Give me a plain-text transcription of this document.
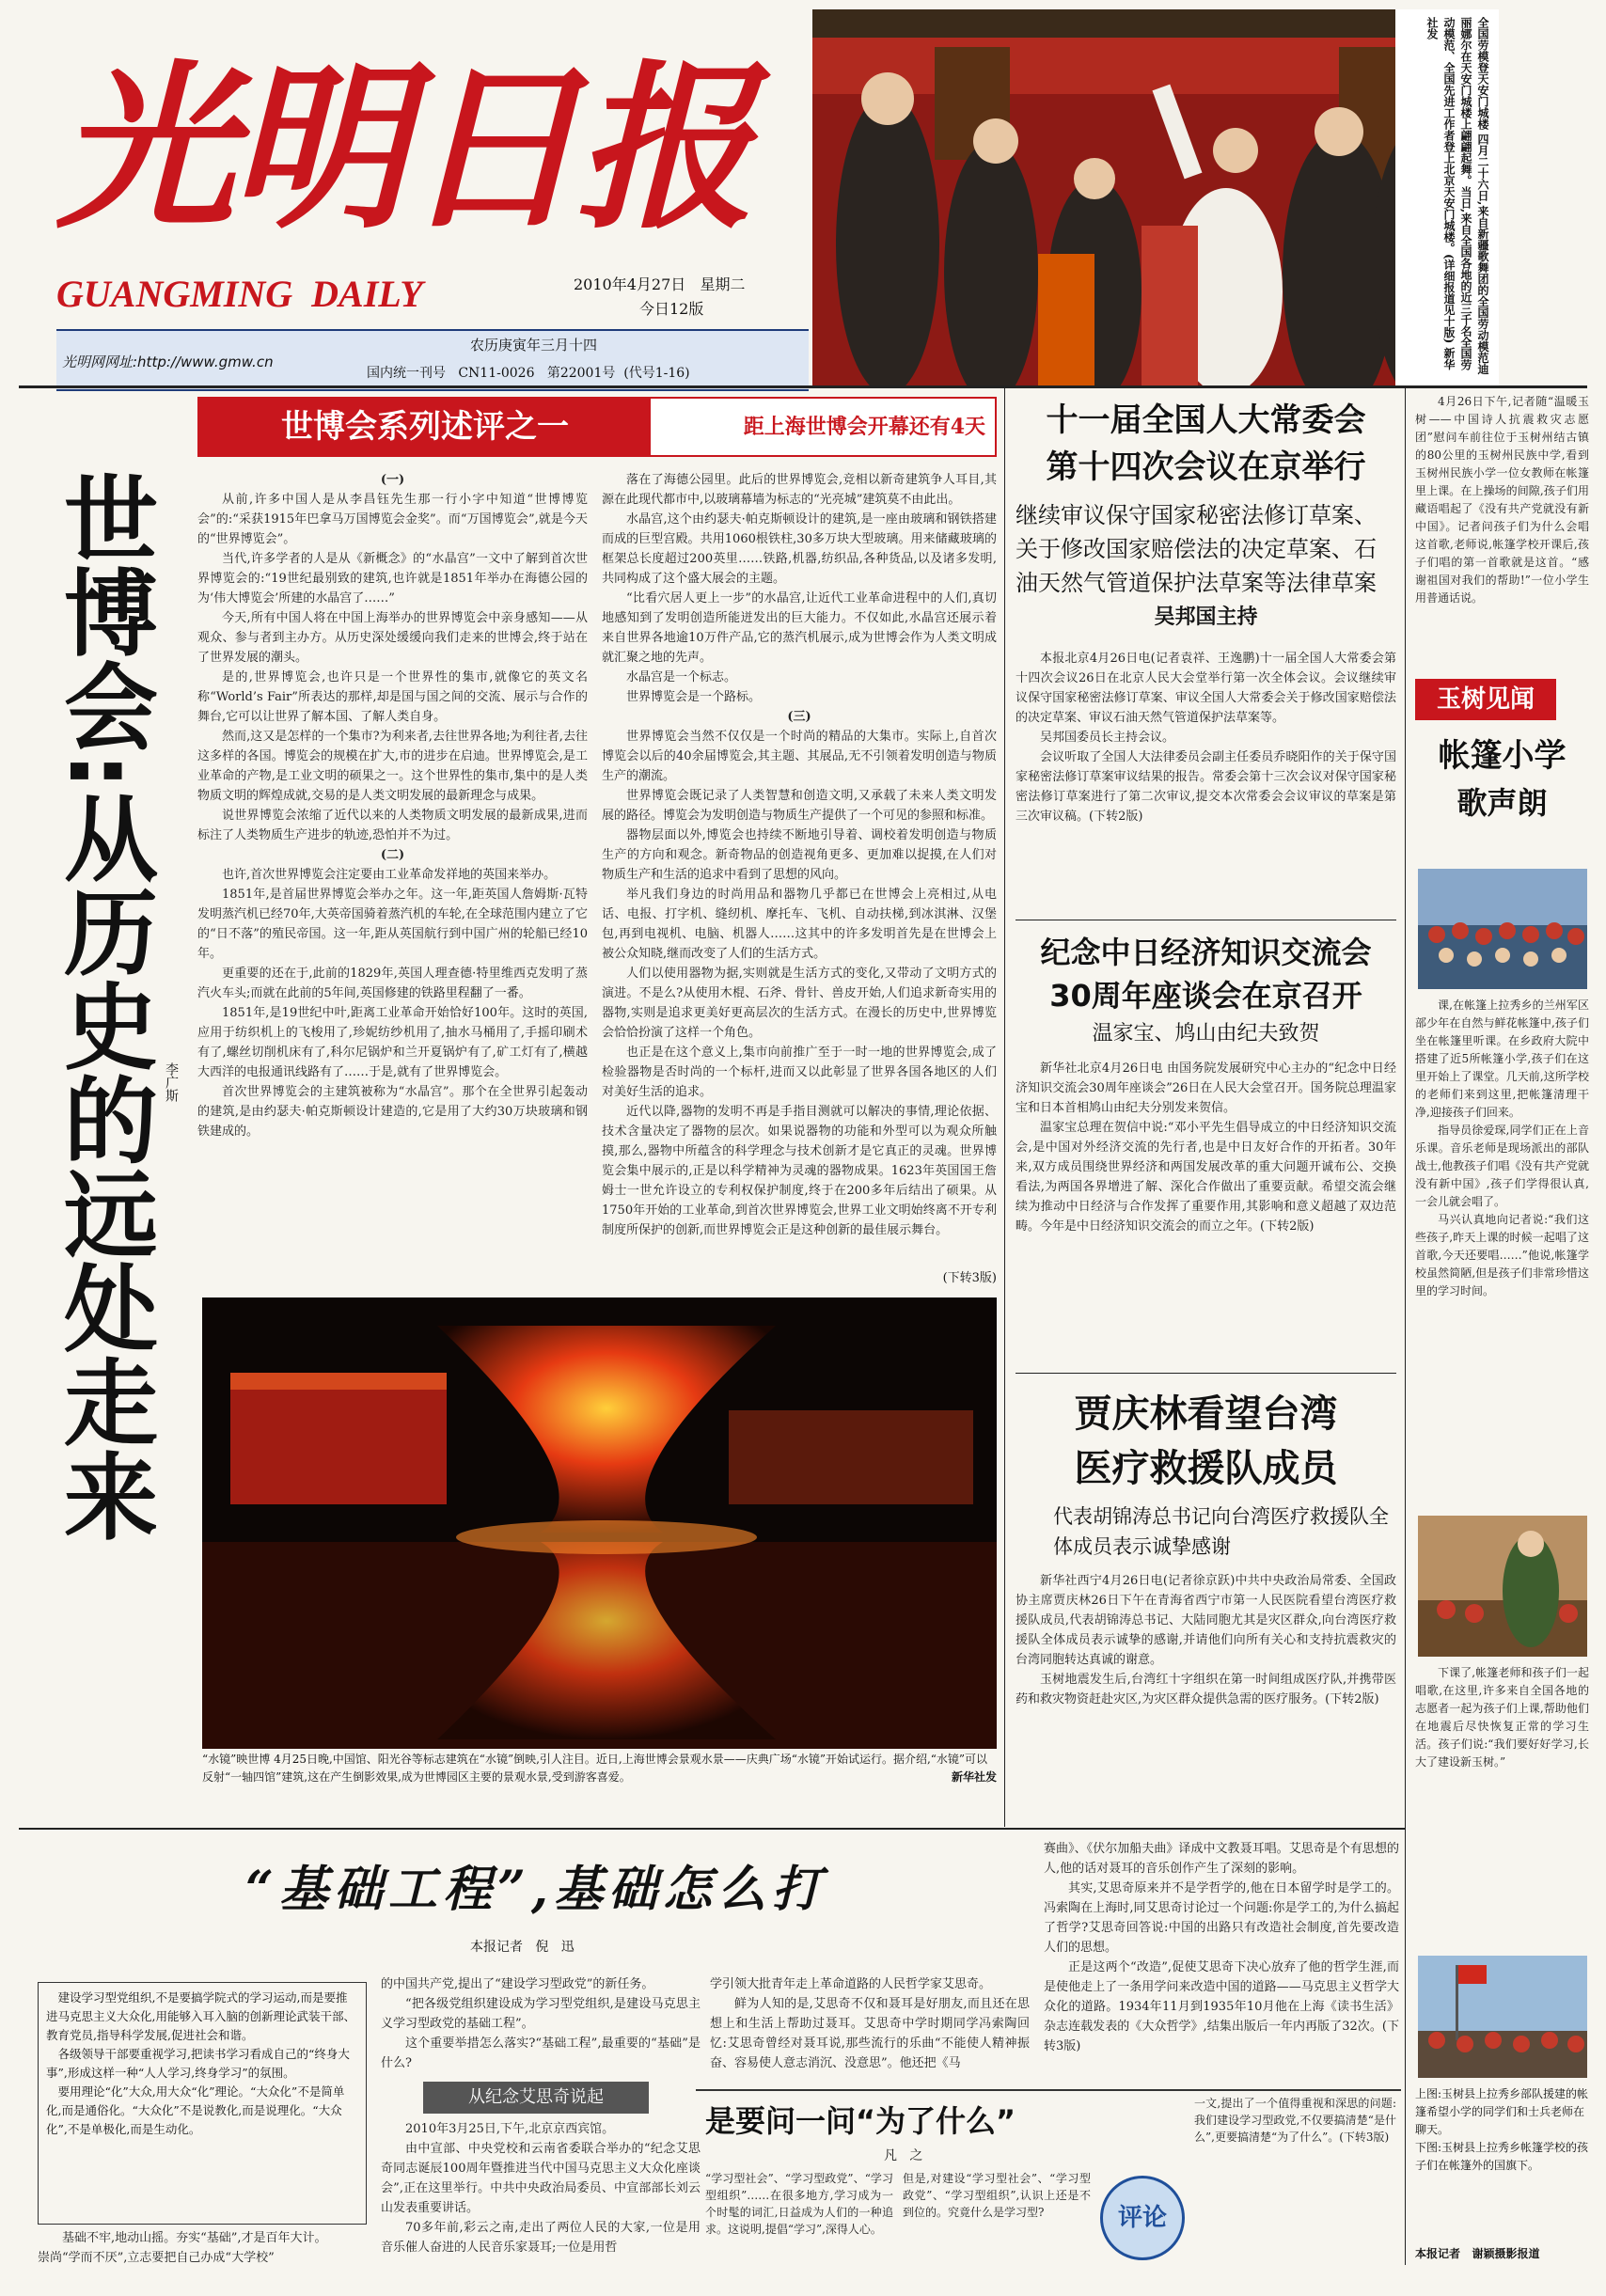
光明日报
GUANGMING  DAILY	2010年4月27日   星期二
今日12版
光明网网址:http://www.gmw.cn
农历庚寅年三月十四
国内统一刊号   CN11-0026   第22001号  (代号1-16)	全国劳模登天安门城楼 四月二十六日,来自新疆歌舞团的全国劳动模范迪丽娜尔在天安门城楼上翩翩起舞。当日,来自全国各地的近三千名全国劳动模范、全国先进工作者登上北京天安门城楼。(详细报道见十版) 新华社发
世博会系列述评之一	距上海世博会开幕还有4天
世博会:从历史的远处走来 李广斯
(一)

从前,许多中国人是从李昌钰先生那一行小字中知道“世博博览会”的:“采获1915年巴拿马万国博览会金奖”。而“万国博览会”,就是今天的“世界博览会”。

当代,许多学者的人是从《新概念》的“水晶宫”一文中了解到首次世界博览会的:“19世纪最别致的建筑,也许就是1851年举办在海德公园的为‘伟大博览会’所建的水晶宫了……”

今天,所有中国人将在中国上海举办的世界博览会中亲身感知——从观众、参与者到主办方。从历史深处缓缓向我们走来的世博会,终于站在了世界发展的潮头。

是的,世界博览会,也许只是一个世界性的集市,就像它的英文名称“World’s Fair”所表达的那样,却是国与国之间的交流、展示与合作的舞台,它可以让世界了解本国、了解人类自身。

然而,这又是怎样的一个集市?为利来者,去往世界各地;为利往者,去往这多样的各国。博览会的规模在扩大,市的进步在启迪。世界博览会,是工业革命的产物,是工业文明的硕果之一。这个世界性的集市,集中的是人类物质文明的辉煌成就,交易的是人类文明发展的最新理念与成果。

说世界博览会浓缩了近代以来的人类物质文明发展的最新成果,进而标注了人类物质生产进步的轨迹,恐怕并不为过。

(二)

也许,首次世界博览会注定要由工业革命发祥地的英国来举办。

1851年,是首届世界博览会举办之年。这一年,距英国人詹姆斯·瓦特发明蒸汽机已经70年,大英帝国骑着蒸汽机的车轮,在全球范围内建立了它的“日不落”的殖民帝国。这一年,距从英国航行到中国广州的轮船已经10年。

更重要的还在于,此前的1829年,英国人理查德·特里维西克发明了蒸汽火车头;而就在此前的5年间,英国修建的铁路里程翻了一番。

1851年,是19世纪中叶,距离工业革命开始恰好100年。这时的英国,应用于纺织机上的飞梭用了,珍妮纺纱机用了,抽水马桶用了,手摇印刷术有了,螺丝切削机床有了,科尔尼锅炉和兰开夏锅炉有了,矿工灯有了,横越大西洋的电报通讯线路有了……于是,就有了世界博览会。

首次世界博览会的主建筑被称为“水晶宫”。那个在全世界引起轰动的建筑,是由约瑟夫·帕克斯顿设计建造的,它是用了大约30万块玻璃和钢铁建成的。

落在了海德公园里。此后的世界博览会,竞相以新奇建筑争人耳目,其源在此现代都市中,以玻璃幕墙为标志的“光亮城”建筑莫不由此出。

水晶宫,这个由约瑟夫·帕克斯顿设计的建筑,是一座由玻璃和钢铁搭建而成的巨型宫殿。共用1060根铁柱,30多万块大型玻璃。用来储藏玻璃的框架总长度超过200英里……铁路,机器,纺织品,各种货品,以及诸多发明,共同构成了这个盛大展会的主题。

“比看穴居人更上一步”的水晶宫,让近代工业革命进程中的人们,真切地感知到了发明创造所能迸发出的巨大能力。不仅如此,水晶宫还展示着来自世界各地逾10万件产品,它的蒸汽机展示,成为世博会作为人类文明成就汇聚之地的先声。

水晶宫是一个标志。

世界博览会是一个路标。

(三)

世界博览会当然不仅仅是一个时尚的精品的大集市。实际上,自首次博览会以后的40余届博览会,其主题、其展品,无不引领着发明创造与物质生产的潮流。

世界博览会既记录了人类智慧和创造文明,又承载了未来人类文明发展的路径。博览会为发明创造与物质生产提供了一个可见的参照和标准。

器物层面以外,博览会也持续不断地引导着、调校着发明创造与物质生产的方向和观念。新奇物品的创造视角更多、更加难以捉摸,在人们对物质生产和生活的追求中看到了思想的风向。

举凡我们身边的时尚用品和器物几乎都已在世博会上亮相过,从电话、电报、打字机、缝纫机、摩托车、飞机、自动扶梯,到冰淇淋、汉堡包,再到电视机、电脑、机器人……这其中的许多发明首先是在世博会上被公众知晓,继而改变了人们的生活方式。

人们以使用器物为据,实则就是生活方式的变化,又带动了文明方式的演进。不是么?从使用木棍、石斧、骨针、兽皮开始,人们追求新奇实用的器物,实则是追求更美好更高层次的生活方式。在漫长的历史中,世界博览会恰恰扮演了这样一个角色。

也正是在这个意义上,集市向前推广至于一时一地的世界博览会,成了检验器物是否时尚的一个标杆,进而又以此彰显了世界各国各地区的人们对美好生活的追求。

近代以降,器物的发明不再是手指目测就可以解决的事情,理论依据、技术含量决定了器物的层次。如果说器物的功能和外型可以为观众所触摸,那么,器物中所蕴含的科学理念与技术创新才是它真正的灵魂。世界博览会集中展示的,正是以科学精神为灵魂的器物成果。1623年英国国王詹姆士一世允许设立的专利权保护制度,终于在200多年后结出了硕果。从1750年开始的工业革命,到首次世界博览会,世界工业文明始终离不开专利制度所保护的创新,而世界博览会正是这种创新的最佳展示舞台。

(下转3版)
“水镜”映世博 4月25日晚,中国馆、阳光谷等标志建筑在“水镜”倒映,引人注目。近日,上海世博会景观水景——庆典广场“水镜”开始试运行。据介绍,“水镜”可以反射“一轴四馆”建筑,这在产生倒影效果,成为世博园区主要的景观水景,受到游客喜爱。	新华社发
十一届全国人大常委会
第十四次会议在京举行
继续审议保守国家秘密法修订草案、关于修改国家赔偿法的决定草案、石油天然气管道保护法草案等法律草案
吴邦国主持

本报北京4月26日电(记者袁祥、王逸鹏)十一届全国人大常委会第十四次会议26日在北京人民大会堂举行第一次全体会议。会议继续审议保守国家秘密法修订草案、审议全国人大常委会关于修改国家赔偿法的决定草案、审议石油天然气管道保护法草案等。

吴邦国委员长主持会议。

会议听取了全国人大法律委员会副主任委员乔晓阳作的关于保守国家秘密法修订草案审议结果的报告。常委会第十三次会议对保守国家秘密法修订草案进行了第二次审议,提交本次常委会会议审议的草案是第三次审议稿。(下转2版)

纪念中日经济知识交流会
30周年座谈会在京召开
温家宝、鸠山由纪夫致贺

新华社北京4月26日电 由国务院发展研究中心主办的“纪念中日经济知识交流会30周年座谈会”26日在人民大会堂召开。国务院总理温家宝和日本首相鸠山由纪夫分别发来贺信。

温家宝总理在贺信中说:“邓小平先生倡导成立的中日经济知识交流会,是中国对外经济交流的先行者,也是中日友好合作的开拓者。30年来,双方成员围绕世界经济和两国发展改革的重大问题开诚布公、交换看法,为两国各界增进了解、深化合作做出了重要贡献。希望交流会继续为推动中日经济与合作发挥了重要作用,其影响和意义超越了双边范畴。今年是中日经济知识交流会的而立之年。(下转2版)

贾庆林看望台湾
医疗救援队成员
代表胡锦涛总书记向台湾医疗救援队全体成员表示诚挚感谢

新华社西宁4月26日电(记者徐京跃)中共中央政治局常委、全国政协主席贾庆林26日下午在青海省西宁市第一人民医院看望台湾医疗救援队成员,代表胡锦涛总书记、大陆同胞尤其是灾区群众,向台湾医疗救援队全体成员表示诚挚的感谢,并请他们向所有关心和支持抗震救灾的台湾同胞转达真诚的谢意。

玉树地震发生后,台湾红十字组织在第一时间组成医疗队,并携带医药和救灾物资赶赴灾区,为灾区群众提供急需的医疗服务。(下转2版)

4月26日下午,记者随“温暖玉树——中国诗人抗震救灾志愿团”慰问车前往位于玉树州结古镇的80公里的玉树州民族中学,看到玉树州民族小学一位女教师在帐篷里上课。在上操场的间隙,孩子们用藏语唱起了《没有共产党就没有新中国》。记者问孩子们为什么会唱这首歌,老师说,帐篷学校开课后,孩子们唱的第一首歌就是这首。“感谢祖国对我们的帮助!”一位小学生用普通话说。

玉树见闻
帐篷小学
歌声朗

课,在帐篷上拉秀乡的兰州军区部少年在自然与鲜花帐篷中,孩子们坐在帐篷里听课。在乡政府大院中搭建了近5所帐篷小学,孩子们在这里开始上了课堂。几天前,这所学校的老师们来到这里,把帐篷清理干净,迎接孩子们回来。

指导员徐爱琛,同学们正在上音乐课。音乐老师是现场派出的部队战士,他教孩子们唱《没有共产党就没有新中国》,孩子们学得很认真,一会儿就会唱了。

马兴认真地向记者说:“我们这些孩子,昨天上课的时候一起唱了这首歌,今天还要唱……”他说,帐篷学校虽然简陋,但是孩子们非常珍惜这里的学习时间。

下课了,帐篷老师和孩子们一起唱歌,在这里,许多来自全国各地的志愿者一起为孩子们上课,帮助他们在地震后尽快恢复正常的学习生活。孩子们说:“我们要好好学习,长大了建设新玉树。”

上图:玉树县上拉秀乡部队援建的帐篷希望小学的同学们和士兵老师在聊天。
下图:玉树县上拉秀乡帐篷学校的孩子们在帐篷外的国旗下。
本报记者   谢颖摄影报道
“基础工程”,基础怎么打
本报记者   倪   迅
建设学习型党组织,不是要搞学院式的学习运动,而是要推进马克思主义大众化,用能够入耳入脑的创新理论武装干部、教育党员,指导科学发展,促进社会和谐。
各级领导干部要重视学习,把读书学习看成自己的“终身大事”,形成这样一种“人人学习,终身学习”的氛围。
要用理论“化”大众,用大众“化”理论。“大众化”不是简单化,而是通俗化。“大众化”不是说教化,而是说理化。“大众化”,不是单极化,而是生动化。

基础不牢,地动山摇。夯实“基础”,才是百年大计。

崇尚“学而不厌”,立志要把自己办成“大学校”
的中国共产党,提出了“建设学习型政党”的新任务。

“把各级党组织建设成为学习型党组织,是建设马克思主义学习型政党的基础工程”。

这个重要举措怎么落实?“基础工程”,最重要的“基础”是什么?

从纪念艾思奇说起

2010年3月25日,下午,北京京西宾馆。

由中宣部、中央党校和云南省委联合举办的“纪念艾思奇同志诞辰100周年暨推进当代中国马克思主义大众化座谈会”,正在这里举行。中共中央政治局委员、中宣部部长刘云山发表重要讲话。

70多年前,彩云之南,走出了两位人民的大家,一位是用音乐催人奋进的人民音乐家聂耳;一位是用哲

学引领大批青年走上革命道路的人民哲学家艾思奇。

鲜为人知的是,艾思奇不仅和聂耳是好朋友,而且还在思想上和生活上帮助过聂耳。艾思奇中学时期同学冯索陶回忆:艾思奇曾经对聂耳说,那些流行的乐曲“不能使人精神振奋、容易使人意志消沉、没意思”。他还把《马

赛曲》、《伏尔加船夫曲》译成中文教聂耳唱。艾思奇是个有思想的人,他的话对聂耳的音乐创作产生了深刻的影响。

其实,艾思奇原来并不是学哲学的,他在日本留学时是学工的。冯索陶在上海时,同艾思奇讨论过一个问题:你是学工的,为什么搞起了哲学?艾思奇回答说:中国的出路只有改造社会制度,首先要改造人们的思想。

正是这两个“改造”,促使艾思奇下决心放弃了他的哲学生涯,而是使他走上了一条用学问来改造中国的道路——马克思主义哲学大众化的道路。1934年11月到1935年10月他在上海《读书生活》杂志连载发表的《大众哲学》,结集出版后一年内再版了32次。(下转3版)

是要问一问“为了什么”
凡   之
“学习型社会”、“学习型政党”、“学习型组织”……在很多地方,学习成为一个时髦的词汇,日益成为人们的一种追求。这说明,提倡“学习”,深得人心。
但是,对建设“学习型社会”、“学习型政党”、“学习型组织”,认识上还是不到位的。究竟什么是学习型?	评论
一文,提出了一个值得重视和深思的问题:我们建设学习型政党,不仅要搞清楚“是什么”,更要搞清楚“为了什么”。(下转3版)
